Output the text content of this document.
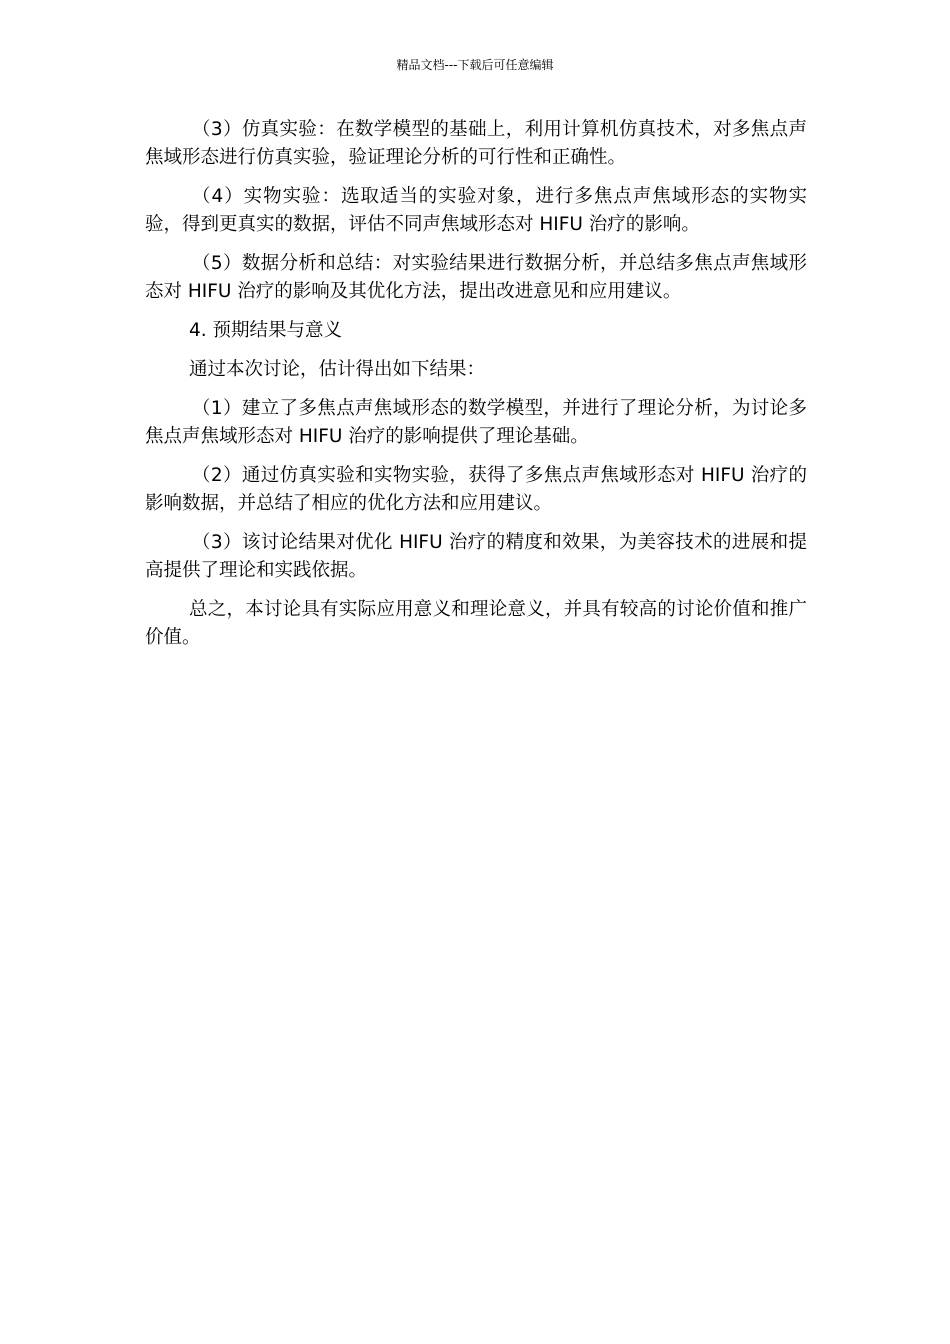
精品文档---下载后可任意编辑

（3）仿真实验：在数学模型的基础上，利用计算机仿真技术，对多焦点声焦域形态进行仿真实验，验证理论分析的可行性和正确性。

（4）实物实验：选取适当的实验对象，进行多焦点声焦域形态的实物实验，得到更真实的数据，评估不同声焦域形态对 HIFU 治疗的影响。

（5）数据分析和总结：对实验结果进行数据分析，并总结多焦点声焦域形态对 HIFU 治疗的影响及其优化方法，提出改进意见和应用建议。

4. 预期结果与意义

通过本次讨论，估计得出如下结果：

（1）建立了多焦点声焦域形态的数学模型，并进行了理论分析，为讨论多焦点声焦域形态对 HIFU 治疗的影响提供了理论基础。

（2）通过仿真实验和实物实验，获得了多焦点声焦域形态对 HIFU 治疗的影响数据，并总结了相应的优化方法和应用建议。

（3）该讨论结果对优化 HIFU 治疗的精度和效果，为美容技术的进展和提高提供了理论和实践依据。

总之，本讨论具有实际应用意义和理论意义，并具有较高的讨论价值和推广价值。
